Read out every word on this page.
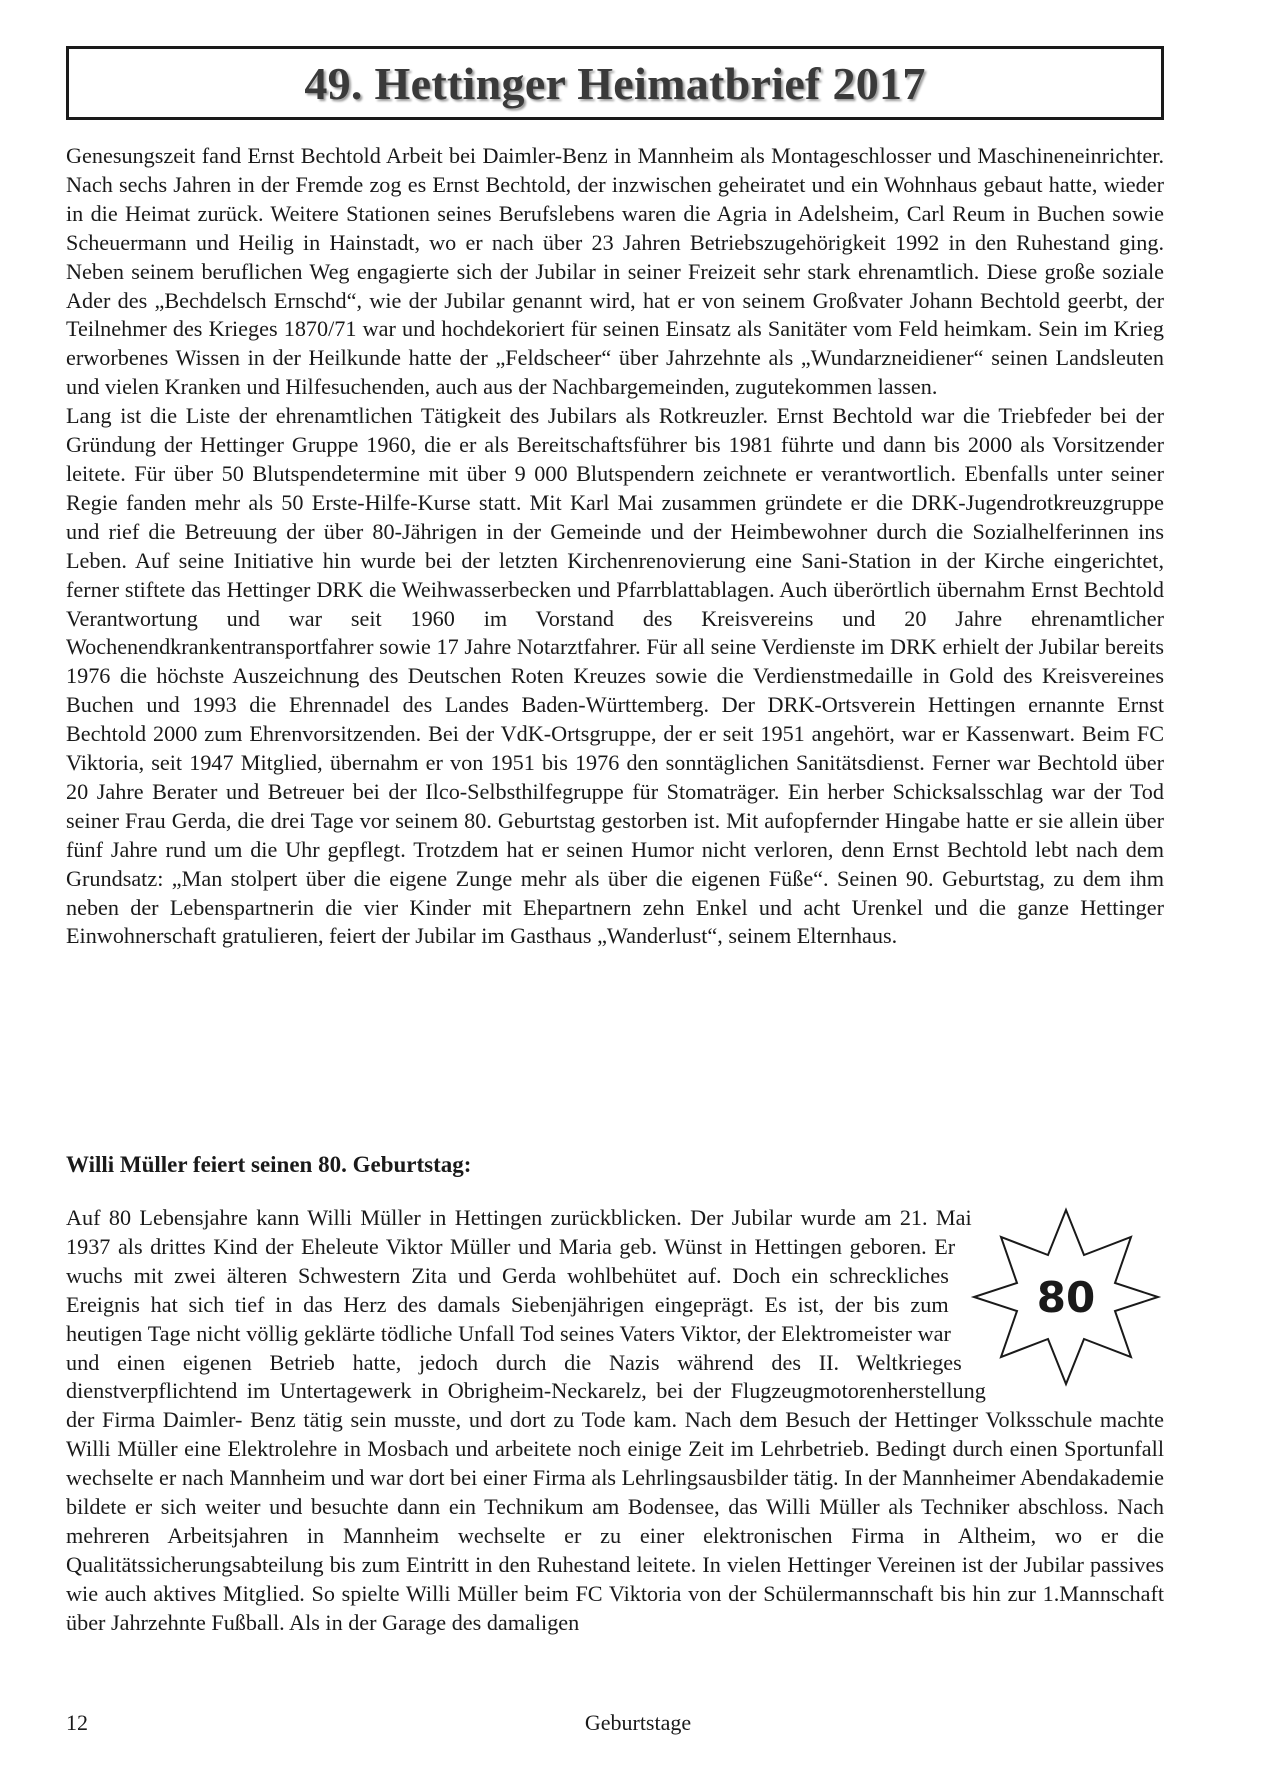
49. Hettinger Heimatbrief 2017

Genesungszeit fand Ernst Bechtold Arbeit bei Daimler-Benz in Mannheim als Montageschlosser und Maschineneinrichter. Nach sechs Jahren in der Fremde zog es Ernst Bechtold, der inzwischen geheiratet und ein Wohnhaus gebaut hatte, wieder in die Heimat zurück. Weitere Stationen seines Berufslebens waren die Agria in Adelsheim, Carl Reum in Buchen sowie Scheuermann und Heilig in Hainstadt, wo er nach über 23 Jahren Betriebszugehörigkeit 1992 in den Ruhestand ging. Neben seinem beruflichen Weg engagierte sich der Jubilar in seiner Freizeit sehr stark ehrenamtlich. Diese große soziale Ader des „Bechdelsch Ernschd“, wie der Jubilar genannt wird, hat er von seinem Großvater Johann Bechtold geerbt, der Teilnehmer des Krieges 1870/71 war und hochdekoriert für seinen Einsatz als Sanitäter vom Feld heimkam. Sein im Krieg erworbenes Wissen in der Heilkunde hatte der „Feldscheer“ über Jahrzehnte als „Wundarzneidiener“ seinen Landsleuten und vielen Kranken und Hilfesuchenden, auch aus der Nachbargemeinden, zugutekommen lassen.

Lang ist die Liste der ehrenamtlichen Tätigkeit des Jubilars als Rotkreuzler. Ernst Bechtold war die Triebfeder bei der Gründung der Hettinger Gruppe 1960, die er als Bereitschaftsführer bis 1981 führte und dann bis 2000 als Vorsitzender leitete. Für über 50 Blutspendetermine mit über 9 000 Blutspendern zeichnete er verantwortlich. Ebenfalls unter seiner Regie fanden mehr als 50 Erste-Hilfe-Kurse statt. Mit Karl Mai zusammen gründete er die DRK-Jugendrotkreuzgruppe und rief die Betreuung der über 80-Jährigen in der Gemeinde und der Heimbewohner durch die Sozialhelferinnen ins Leben. Auf seine Initiative hin wurde bei der letzten Kirchenrenovierung eine Sani-Station in der Kirche eingerichtet, ferner stiftete das Hettinger DRK die Weihwasserbecken und Pfarrblattablagen. Auch überörtlich übernahm Ernst Bechtold Verantwortung und war seit 1960 im Vorstand des Kreisvereins und 20 Jahre ehrenamtlicher Wochenendkrankentransportfahrer sowie 17 Jahre Notarztfahrer. Für all seine Verdienste im DRK erhielt der Jubilar bereits 1976 die höchste Auszeichnung des Deutschen Roten Kreuzes sowie die Verdienstmedaille in Gold des Kreisvereines Buchen und 1993 die Ehrennadel des Landes Baden-Württemberg. Der DRK-Ortsverein Hettingen ernannte Ernst Bechtold 2000 zum Ehrenvorsitzenden. Bei der VdK-Ortsgruppe, der er seit 1951 angehört, war er Kassenwart. Beim FC Viktoria, seit 1947 Mitglied, übernahm er von 1951 bis 1976 den sonntäglichen Sanitätsdienst. Ferner war Bechtold über 20 Jahre Berater und Betreuer bei der Ilco-Selbsthilfegruppe für Stomaträger. Ein herber Schicksalsschlag war der Tod seiner Frau Gerda, die drei Tage vor seinem 80. Geburtstag gestorben ist. Mit aufopfernder Hingabe hatte er sie allein über fünf Jahre rund um die Uhr gepflegt. Trotzdem hat er seinen Humor nicht verloren, denn Ernst Bechtold lebt nach dem Grundsatz: „Man stolpert über die eigene Zunge mehr als über die eigenen Füße“. Seinen 90. Geburtstag, zu dem ihm neben der Lebenspartnerin die vier Kinder mit Ehepartnern zehn Enkel und acht Urenkel und die ganze Hettinger Einwohnerschaft gratulieren, feiert der Jubilar im Gasthaus „Wanderlust“, seinem Elternhaus.

Willi Müller feiert seinen 80. Geburtstag:
80

Auf 80 Lebensjahre kann Willi Müller in Hettingen zurückblicken. Der Jubilar wurde am 21. Mai 1937 als drittes Kind der Eheleute Viktor Müller und Maria geb. Wünst in Hettingen geboren. Er wuchs mit zwei älteren Schwestern Zita und Gerda wohlbehütet auf. Doch ein schreckliches Ereignis hat sich tief in das Herz des damals Siebenjährigen eingeprägt. Es ist, der bis zum heutigen Tage nicht völlig geklärte tödliche Unfall Tod seines Vaters Viktor, der Elektromeister war und einen eigenen Betrieb hatte, jedoch durch die Nazis während des II. Weltkrieges dienstverpflichtend im Untertagewerk in Obrigheim-Neckarelz, bei der Flugzeugmotorenherstellung der Firma Daimler- Benz tätig sein musste, und dort zu Tode kam. Nach dem Besuch der Hettinger Volksschule machte Willi Müller eine Elektrolehre in Mosbach und arbeitete noch einige Zeit im Lehrbetrieb. Bedingt durch einen Sportunfall wechselte er nach Mannheim und war dort bei einer Firma als Lehrlingsausbilder tätig. In der Mannheimer Abendakademie bildete er sich weiter und besuchte dann ein Technikum am Bodensee, das Willi Müller als Techniker abschloss. Nach mehreren Arbeitsjahren in Mannheim wechselte er zu einer elektronischen Firma in Altheim, wo er die Qualitätssicherungsabteilung bis zum Eintritt in den Ruhestand leitete. In vielen Hettinger Vereinen ist der Jubilar passives wie auch aktives Mitglied. So spielte Willi Müller beim FC Viktoria von der Schülermannschaft bis hin zur 1.Mannschaft über Jahrzehnte Fußball. Als in der Garage des damaligen

12	Geburtstage
